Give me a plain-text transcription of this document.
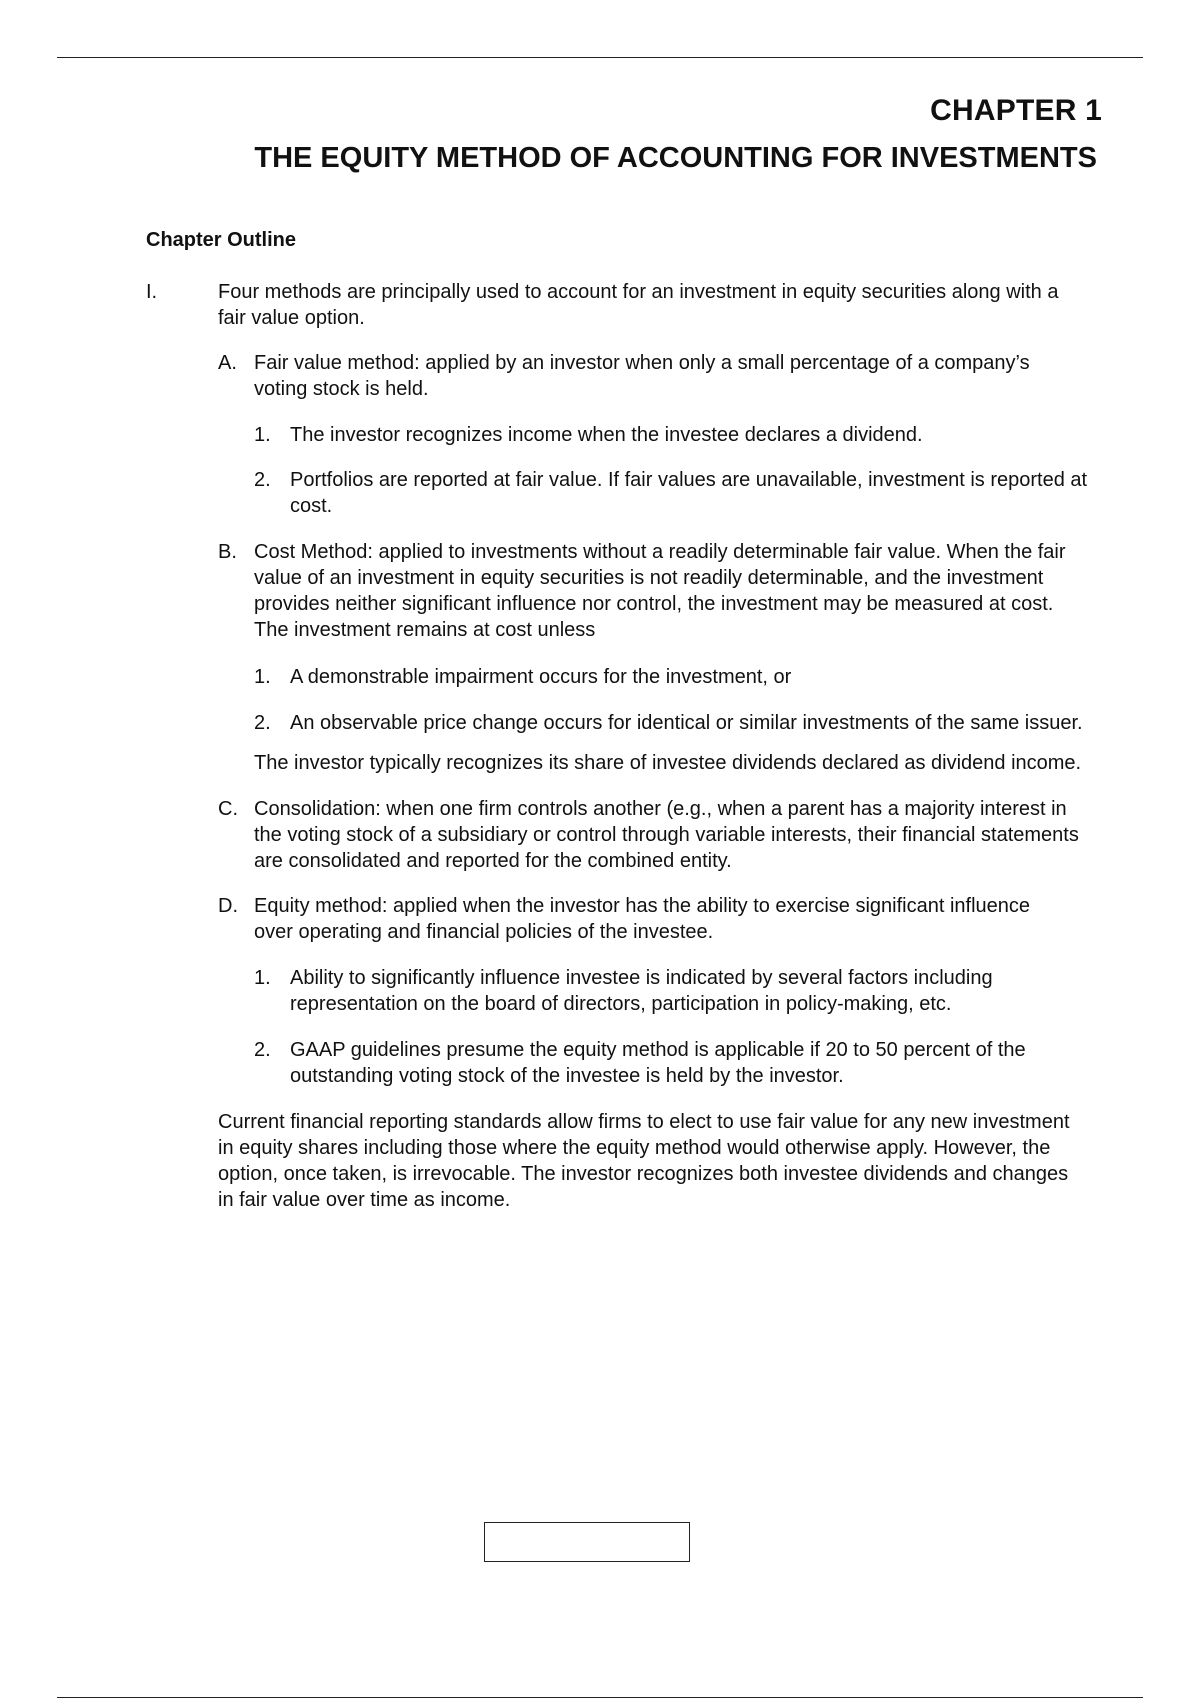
CHAPTER 1
THE EQUITY METHOD OF ACCOUNTING FOR INVESTMENTS
Chapter Outline
I.	Four methods are principally used to account for an investment in equity securities along with a fair value option.
A. Fair value method: applied by an investor when only a small percentage of a company’s voting stock is held.
1. The investor recognizes income when the investee declares a dividend.
2. Portfolios are reported at fair value. If fair values are unavailable, investment is reported at cost.
B. Cost Method: applied to investments without a readily determinable fair value. When the fair value of an investment in equity securities is not readily determinable, and the investment provides neither significant influence nor control, the investment may be measured at cost. The investment remains at cost unless
1. A demonstrable impairment occurs for the investment, or
2. An observable price change occurs for identical or similar investments of the same issuer.
The investor typically recognizes its share of investee dividends declared as dividend income.
C. Consolidation: when one firm controls another (e.g., when a parent has a majority interest in the voting stock of a subsidiary or control through variable interests, their financial statements are consolidated and reported for the combined entity.
D. Equity method: applied when the investor has the ability to exercise significant influence over operating and financial policies of the investee.
1. Ability to significantly influence investee is indicated by several factors including representation on the board of directors, participation in policy-making, etc.
2. GAAP guidelines presume the equity method is applicable if 20 to 50 percent of the outstanding voting stock of the investee is held by the investor.
Current financial reporting standards allow firms to elect to use fair value for any new investment in equity shares including those where the equity method would otherwise apply. However, the option, once taken, is irrevocable. The investor recognizes both investee dividends and changes in fair value over time as income.
